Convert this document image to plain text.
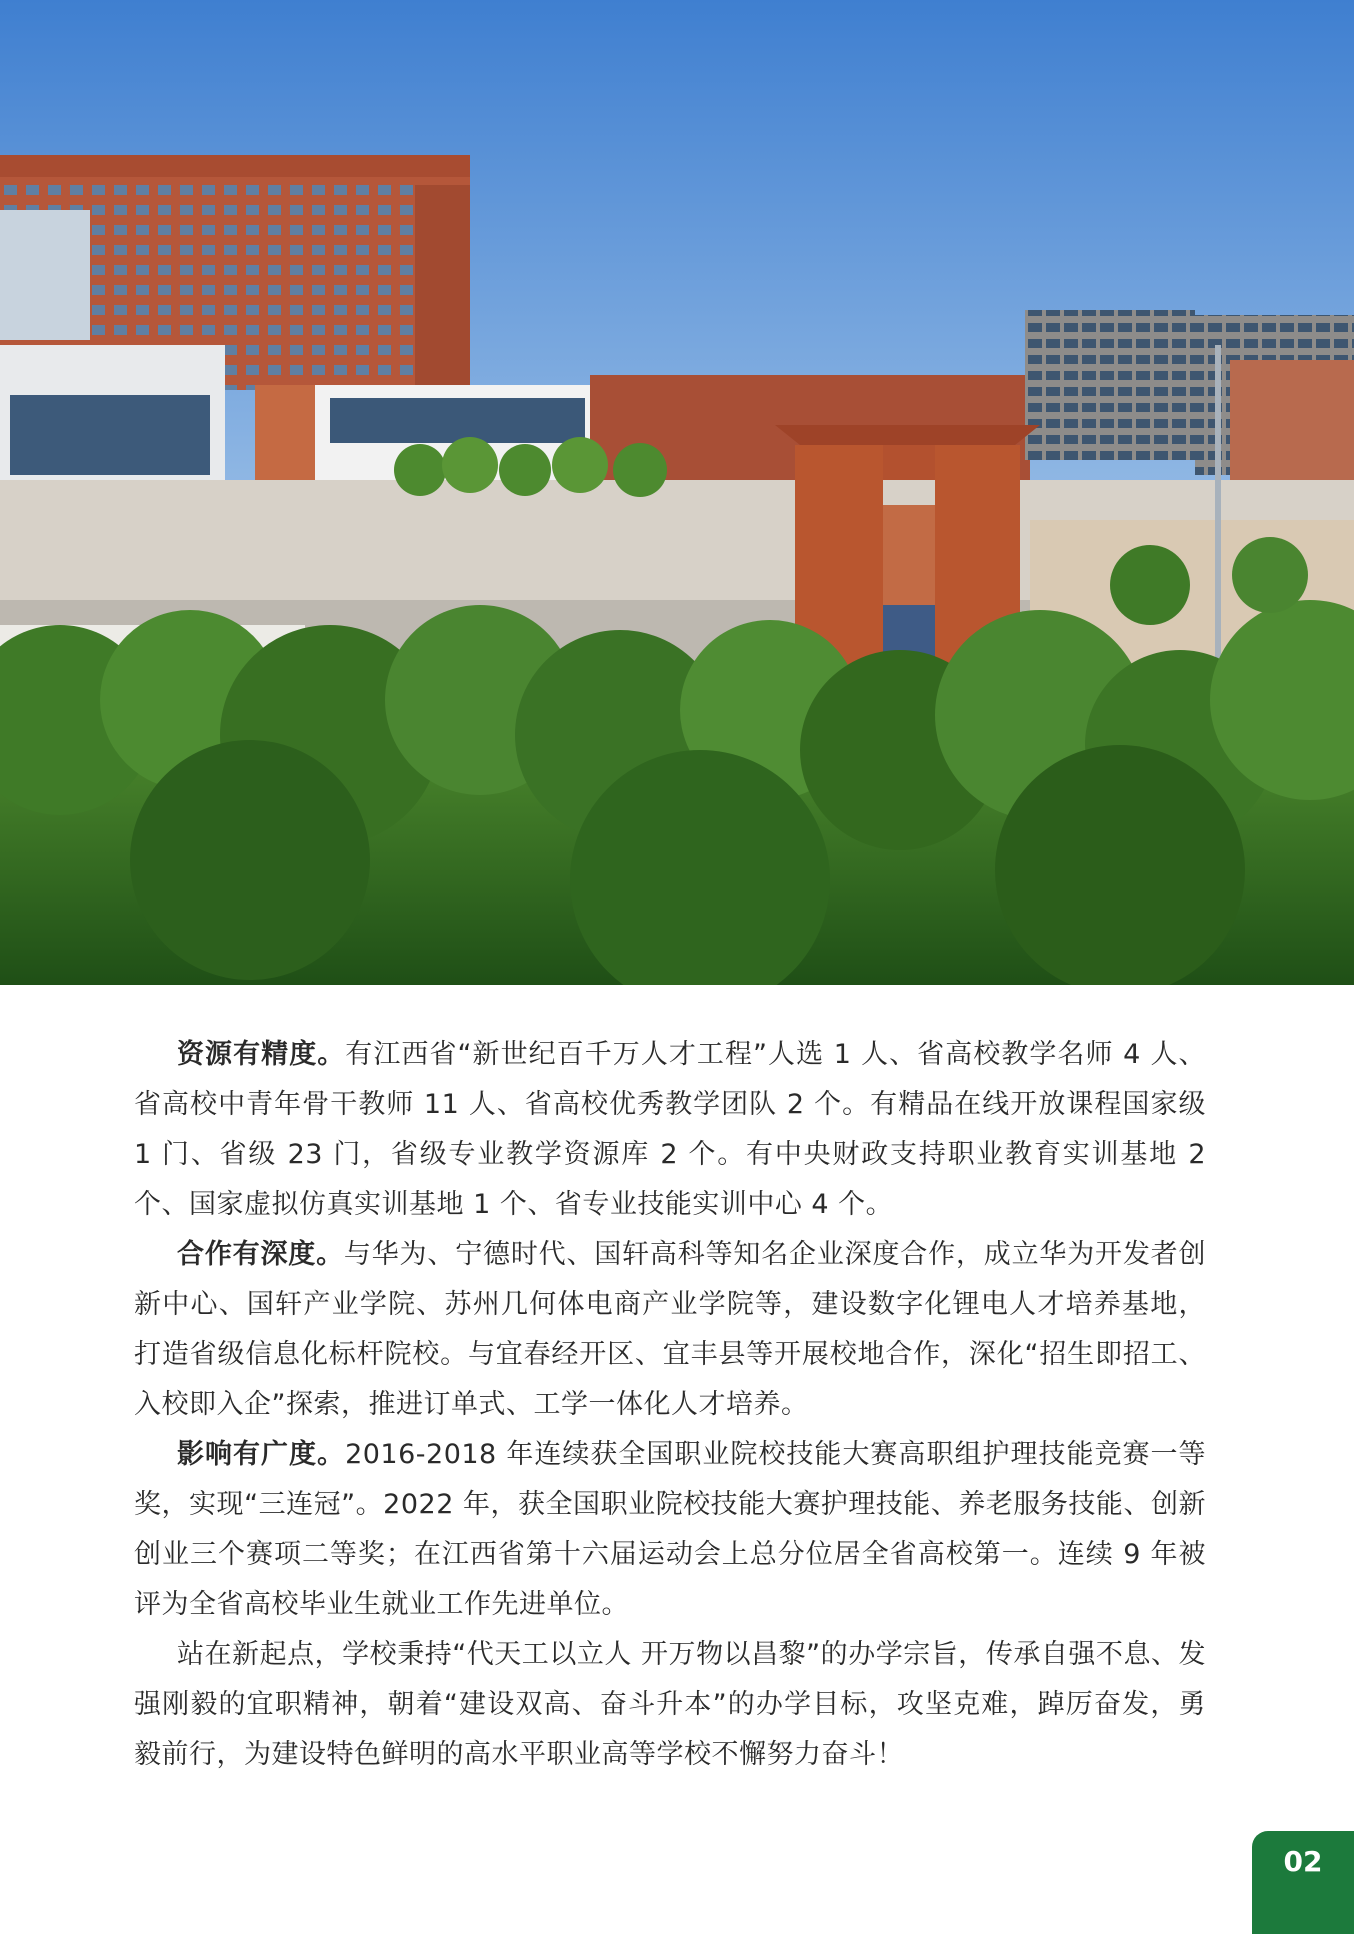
资源有精度。有江西省“新世纪百千万人才工程”人选 1 人、省高校教学名师 4 人、省高校中青年骨干教师 11 人、省高校优秀教学团队 2 个。有精品在线开放课程国家级 1 门、省级 23 门，省级专业教学资源库 2 个。有中央财政支持职业教育实训基地 2 个、国家虚拟仿真实训基地 1 个、省专业技能实训中心 4 个。

合作有深度。与华为、宁德时代、国轩高科等知名企业深度合作，成立华为开发者创新中心、国轩产业学院、苏州几何体电商产业学院等，建设数字化锂电人才培养基地，打造省级信息化标杆院校。与宜春经开区、宜丰县等开展校地合作，深化“招生即招工、入校即入企”探索，推进订单式、工学一体化人才培养。

影响有广度。2016-2018 年连续获全国职业院校技能大赛高职组护理技能竞赛一等奖，实现“三连冠”。2022 年，获全国职业院校技能大赛护理技能、养老服务技能、创新创业三个赛项二等奖；在江西省第十六届运动会上总分位居全省高校第一。连续 9 年被评为全省高校毕业生就业工作先进单位。

站在新起点，学校秉持“代天工以立人 开万物以昌黎”的办学宗旨，传承自强不息、发强刚毅的宜职精神，朝着“建设双高、奋斗升本”的办学目标，攻坚克难，踔厉奋发，勇毅前行，为建设特色鲜明的高水平职业高等学校不懈努力奋斗！

02
